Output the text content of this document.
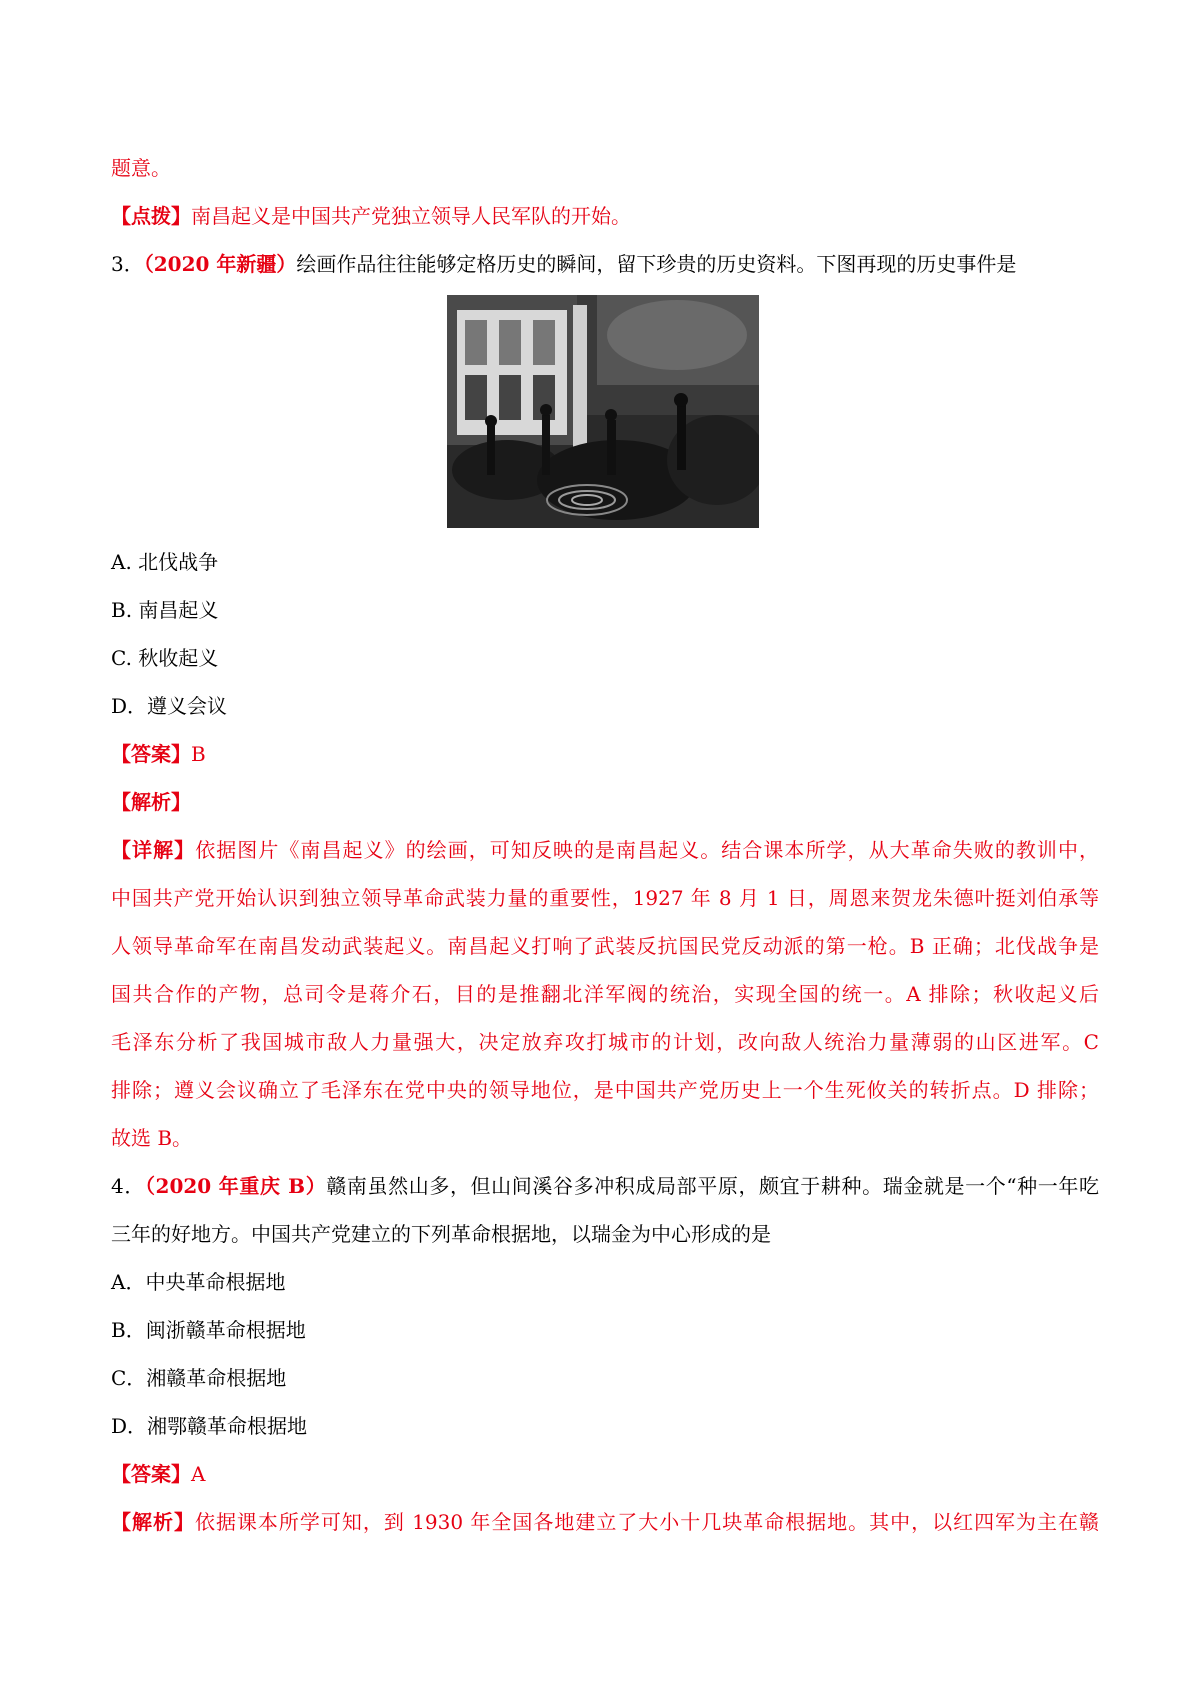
题意。
【点拨】南昌起义是中国共产党独立领导人民军队的开始。
3．（2020 年新疆）绘画作品往往能够定格历史的瞬间，留下珍贵的历史资料。下图再现的历史事件是
A. 北伐战争
B. 南昌起义
C. 秋收起义
D．遵义会议
【答案】B
【解析】
【详解】依据图片《南昌起义》的绘画，可知反映的是南昌起义。结合课本所学，从大革命失败的教训中，
中国共产党开始认识到独立领导革命武装力量的重要性，1927 年 8 月 1 日，周恩来贺龙朱德叶挺刘伯承等
人领导革命军在南昌发动武装起义。南昌起义打响了武装反抗国民党反动派的第一枪。B 正确；北伐战争是
国共合作的产物，总司令是蒋介石，目的是推翻北洋军阀的统治，实现全国的统一。A 排除；秋收起义后
毛泽东分析了我国城市敌人力量强大，决定放弃攻打城市的计划，改向敌人统治力量薄弱的山区进军。C
排除；遵义会议确立了毛泽东在党中央的领导地位，是中国共产党历史上一个生死攸关的转折点。D 排除；
故选 B。
4．（2020 年重庆 B）赣南虽然山多，但山间溪谷多冲积成局部平原，颇宜于耕种。瑞金就是一个“种一年吃
三年的好地方。中国共产党建立的下列革命根据地，以瑞金为中心形成的是
A．中央革命根据地
B．闽浙赣革命根据地
C．湘赣革命根据地
D．湘鄂赣革命根据地
【答案】A
【解析】依据课本所学可知，到 1930 年全国各地建立了大小十几块革命根据地。其中，以红四军为主在赣
